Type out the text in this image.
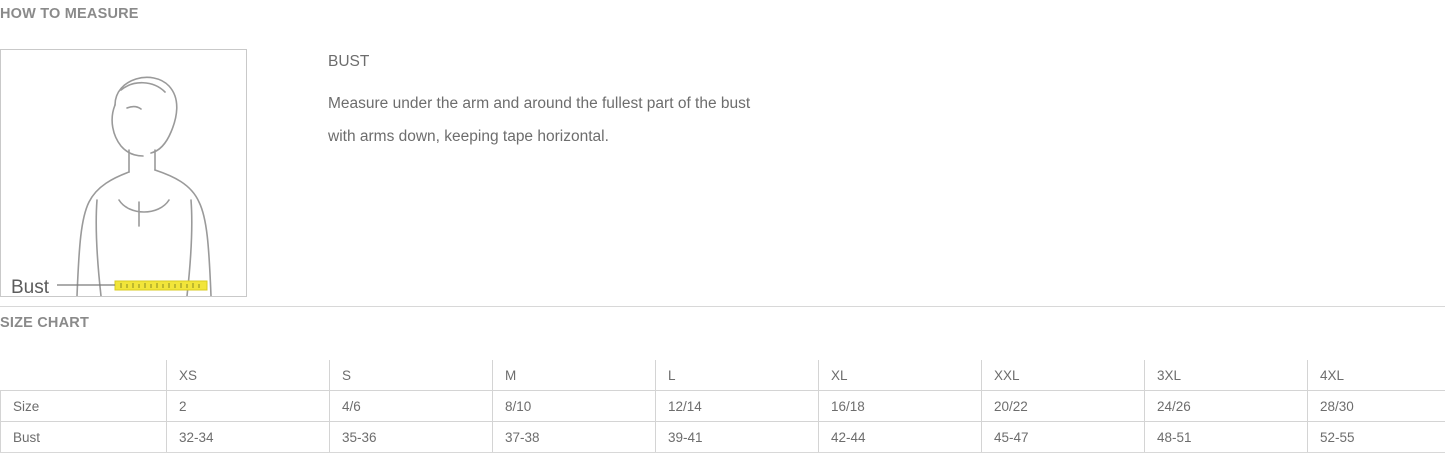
HOW TO MEASURE
Bust
BUST
Measure under the arm and around the fullest part of the bust
with arms down, keeping tape horizontal.
SIZE CHART
	XS	S	M	L	XL	XXL	3XL	4XL
Size	2	4/6	8/10	12/14	16/18	20/22	24/26	28/30
Bust	32-34	35-36	37-38	39-41	42-44	45-47	48-51	52-55
